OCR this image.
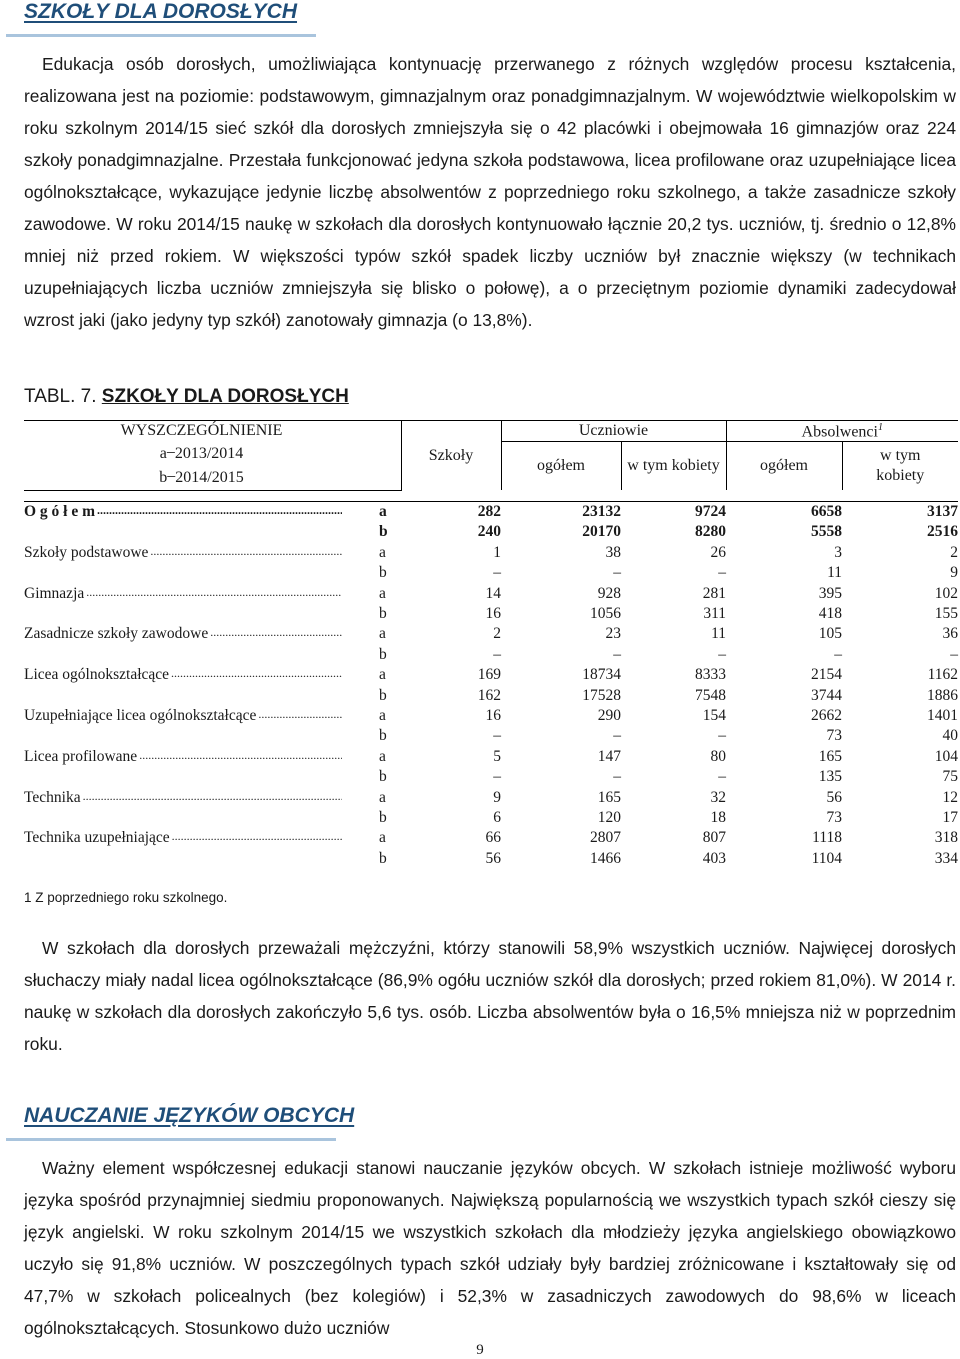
SZKOŁY DLA DOROSŁYCH

Edukacja osób dorosłych, umożliwiająca kontynuację przerwanego z różnych względów procesu kształcenia, realizowana jest na poziomie: podstawowym, gimnazjalnym oraz ponadgimnazjalnym. W województwie wielkopolskim w roku szkolnym 2014/15 sieć szkół dla dorosłych zmniejszyła się o 42 placówki i obejmowała 16 gimnazjów oraz 224 szkoły ponadgimnazjalne. Przestała funkcjonować jedyna szkoła podstawowa, licea profilowane oraz uzupełniające licea ogólnokształcące, wykazujące jedynie liczbę absolwentów z poprzedniego roku szkolnego, a także zasadnicze szkoły zawodowe. W roku 2014/15 naukę w szkołach dla dorosłych kontynuowało łącznie 20,2 tys. uczniów, tj. średnio o 12,8% mniej niż przed rokiem. W większości typów szkół spadek liczby uczniów był znacznie większy (w technikach uzupełniających liczba uczniów zmniejszyła się blisko o połowę), a o przeciętnym poziomie dynamiki zadecydował wzrost jaki (jako jedyny typ szkół) zanotowały gimnazja (o 13,8%).

TABL. 7. SZKOŁY DLA DOROSŁYCH

WYSZCZEGÓLNIENIE		Szkoły	Uczniowie		Absolwenci$^1$
a ̶ 2013/2014			ogółem	w tym kobiety	ogółem	w tym kobiety
b ̶ 2014/2015						

O g ó ł e m .....	a	282	23132	9724	6658	3137
	b	240	20170	8280	5558	2516

Szkoły podstawowe .....	a	1	38	26	3	2
	b	–	–	–	11	9

Gimnazja .....	a	14	928	281	395	102
	b	16	1056	311	418	155

Zasadnicze szkoły zawodowe .....	a	2	23	11	105	36
	b	–	–	–	–	–

Licea ogólnokształcące .....	a	169	18734	8333	2154	1162
	b	162	17528	7548	3744	1886

Uzupełniające licea ogólnokształcące .....	a	16	290	154	2662	1401
	b	–	–	–	73	40

Licea profilowane .....	a	5	147	80	165	104
	b	–	–	–	135	75

Technika .....	a	9	165	32	56	12
	b	6	120	18	73	17

Technika uzupełniające .....	a	66	2807	807	1118	318
	b	56	1466	403	1104	334

1 Z poprzedniego roku szkolnego.

W szkołach dla dorosłych przeważali mężczyźni, którzy stanowili 58,9% wszystkich uczniów. Najwięcej dorosłych słuchaczy miały nadal licea ogólnokształcące (86,9% ogółu uczniów szkół dla dorosłych; przed rokiem 81,0%). W 2014 r. naukę w szkołach dla dorosłych zakończyło 5,6 tys. osób. Liczba absolwentów była o 16,5% mniejsza niż w poprzednim roku.

NAUCZANIE JĘZYKÓW OBCYCH

Ważny element współczesnej edukacji stanowi nauczanie języków obcych. W szkołach istnieje możliwość wyboru języka spośród przynajmniej siedmiu proponowanych. Największą popularnością we wszystkich typach szkół cieszy się język angielski. W roku szkolnym 2014/15 we wszystkich szkołach dla młodzieży języka angielskiego obowiązkowo uczyło się 91,8% uczniów. W poszczególnych typach szkół udziały były bardziej zróżnicowane i kształtowały się od 47,7% w szkołach policealnych (bez kolegiów) i 52,3% w zasadniczych zawodowych do 98,6% w liceach ogólnokształcących. Stosunkowo dużo uczniów

9
